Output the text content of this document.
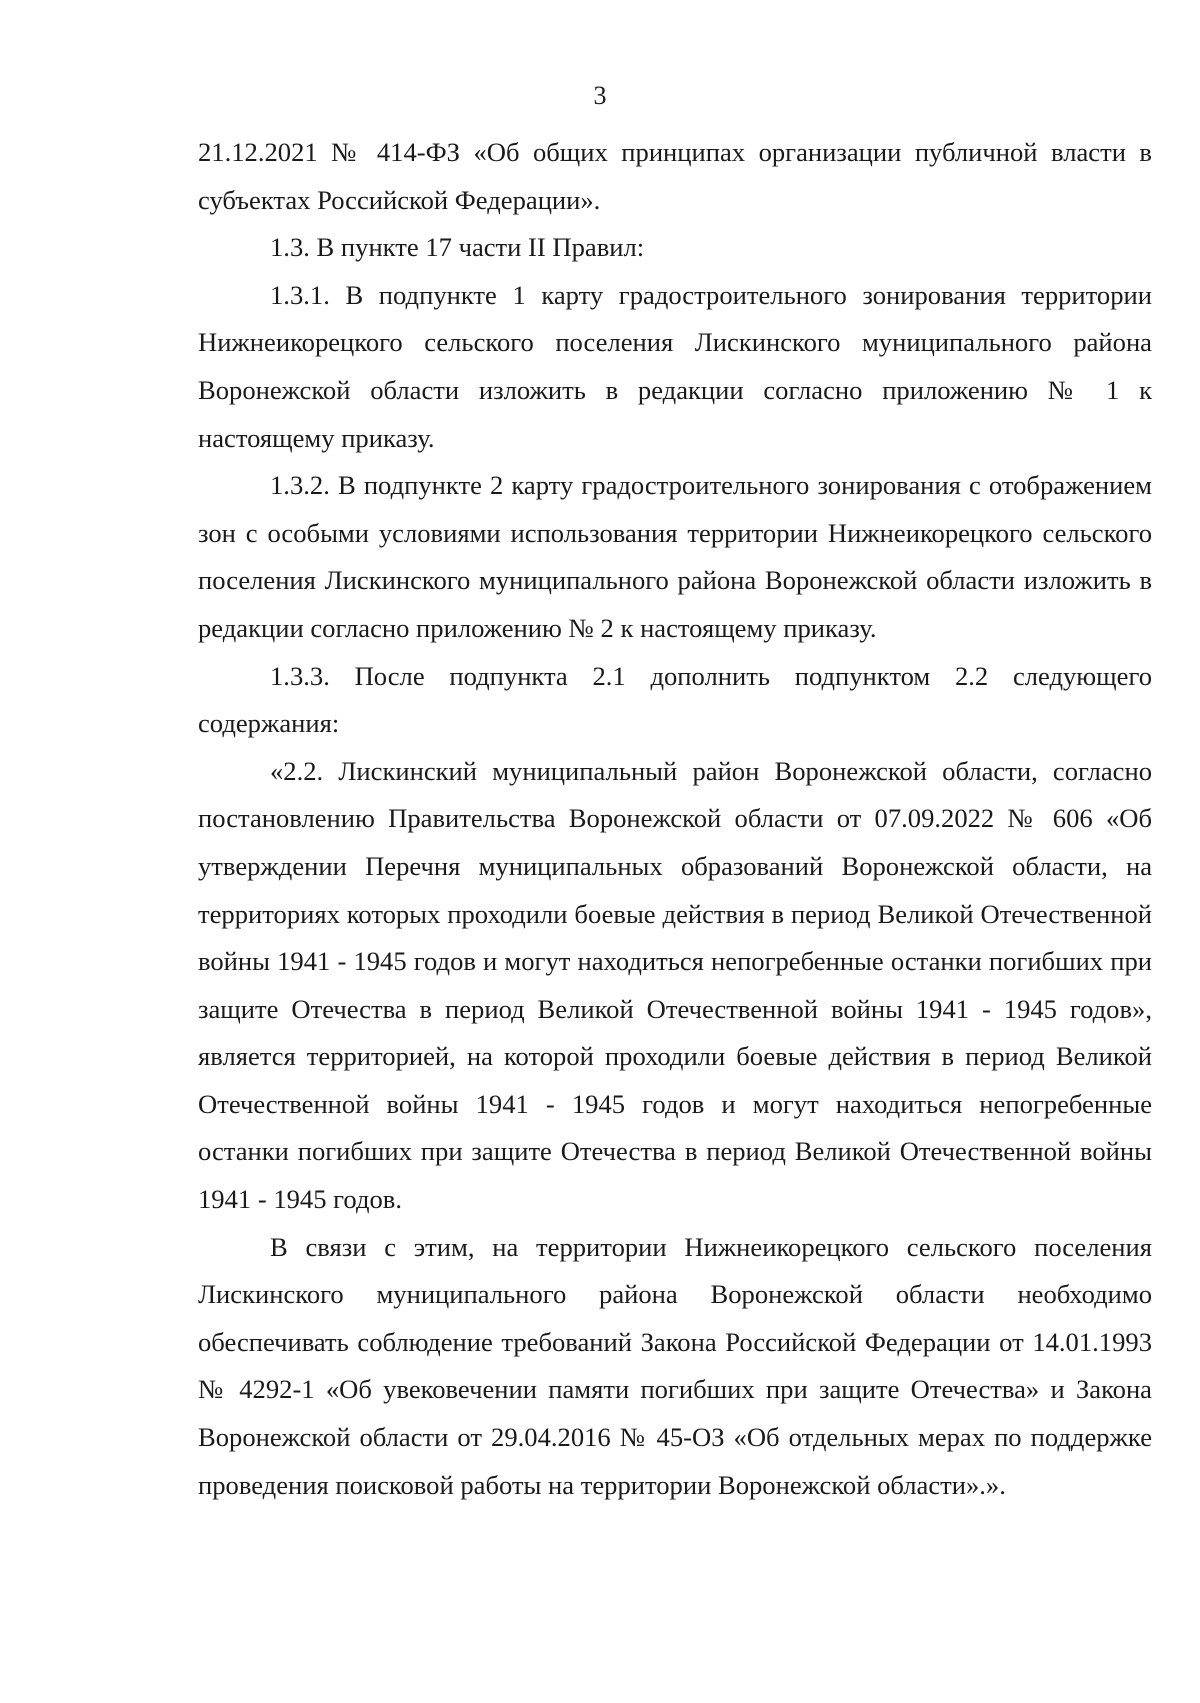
3

21.12.2021 № 414-ФЗ «Об общих принципах организации публичной власти в субъектах Российской Федерации».

1.3. В пункте 17 части II Правил:

1.3.1. В подпункте 1 карту градостроительного зонирования территории Нижнеикорецкого сельского поселения Лискинского муниципального района Воронежской области изложить в редакции согласно приложению № 1 к настоящему приказу.

1.3.2. В подпункте 2 карту градостроительного зонирования с отображением зон с особыми условиями использования территории Нижнеикорецкого сельского поселения Лискинского муниципального района Воронежской области изложить в редакции согласно приложению № 2 к настоящему приказу.

1.3.3. После подпункта 2.1 дополнить подпунктом 2.2 следующего содержания:

«2.2. Лискинский муниципальный район Воронежской области, согласно постановлению Правительства Воронежской области от 07.09.2022 № 606 «Об утверждении Перечня муниципальных образований Воронежской области, на территориях которых проходили боевые действия в период Великой Отечественной войны 1941 - 1945 годов и могут находиться непогребенные останки погибших при защите Отечества в период Великой Отечественной войны 1941 - 1945 годов», является территорией, на которой проходили боевые действия в период Великой Отечественной войны 1941 - 1945 годов и могут находиться непогребенные останки погибших при защите Отечества в период Великой Отечественной войны 1941 - 1945 годов.

В связи с этим, на территории Нижнеикорецкого сельского поселения Лискинского муниципального района Воронежской области необходимо обеспечивать соблюдение требований Закона Российской Федерации от 14.01.1993 № 4292-1 «Об увековечении памяти погибших при защите Отечества» и Закона Воронежской области от 29.04.2016 № 45-ОЗ «Об отдельных мерах по поддержке проведения поисковой работы на территории Воронежской области».».
